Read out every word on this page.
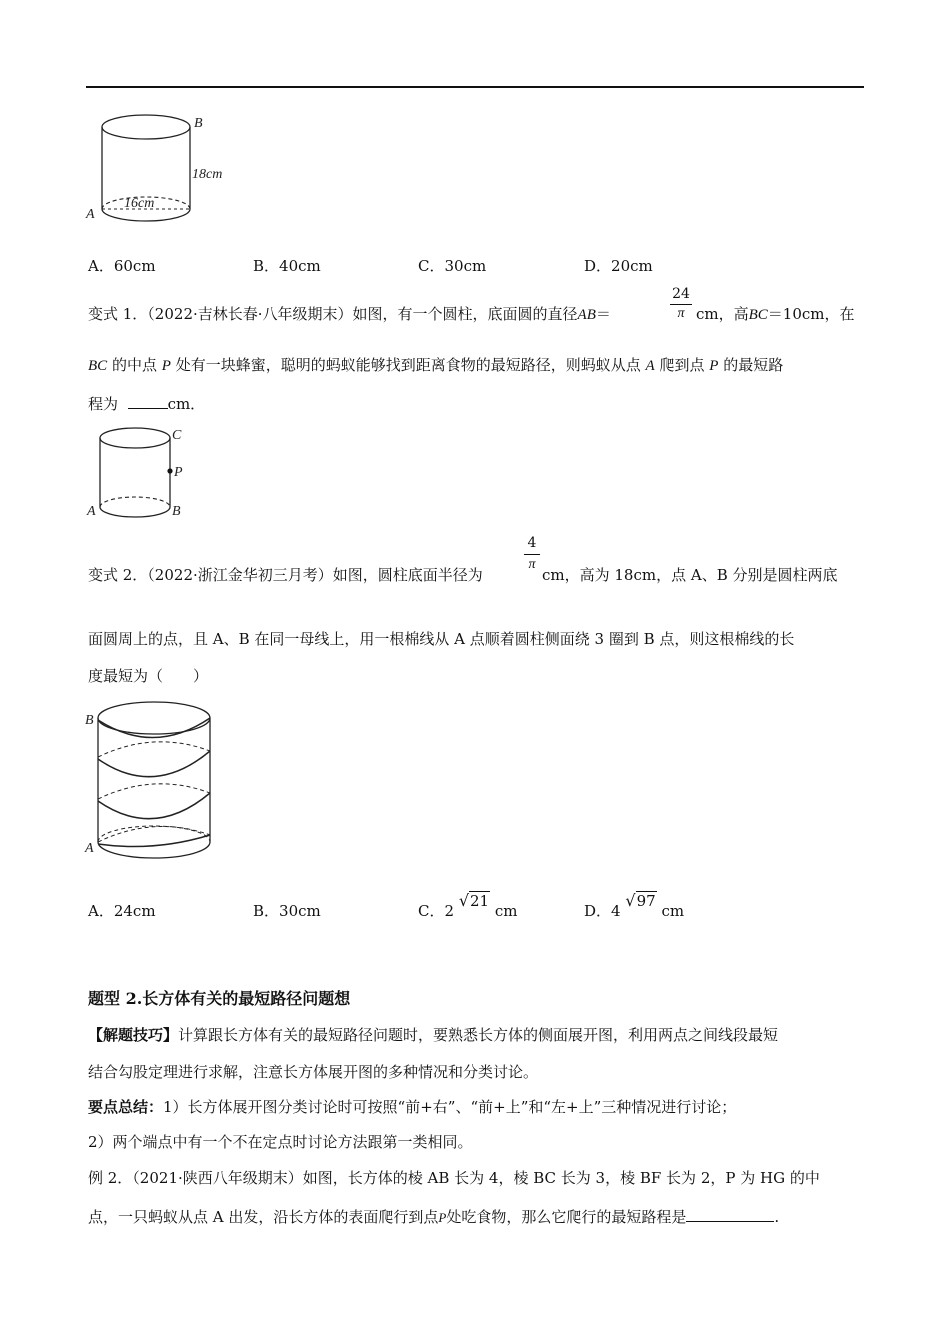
B
A
18cm
16cm
A．60cm	B．40cm	C．30cm	D．20cm
变式 1．（2022·吉林长春·八年级期末）如图，有一个圆柱，底面圆的直径AB＝	$\frac{24}{\pi}$ cm，高BC＝10cm，在
BC 的中点 P 处有一块蜂蜜，聪明的蚂蚁能够找到距离食物的最短路径，则蚂蚁从点 A 爬到点 P 的最短路
程为	cm．
C
P
A	B
$\frac{4}{\pi}$
变式 2．（2022·浙江金华初三月考）如图，圆柱底面半径为	cm，高为 18cm，点 A、B 分别是圆柱两底
面圆周上的点，且 A、B 在同一母线上，用一根棉线从 A 点顺着圆柱侧面绕 3 圈到 B 点，则这根棉线的长
度最短为（　　）
B
A
A．24cm	B．30cm	C．2 √21 cm	D．4 √97 cm
题型 2.长方体有关的最短路径问题想
【解题技巧】计算跟长方体有关的最短路径问题时，要熟悉长方体的侧面展开图，利用两点之间线段最短
结合勾股定理进行求解，注意长方体展开图的多种情况和分类讨论。
要点总结：1）长方体展开图分类讨论时可按照“前+右”、“前+上”和“左+上”三种情况进行讨论；
2）两个端点中有一个不在定点时讨论方法跟第一类相同。
例 2．（2021·陕西八年级期末）如图，长方体的棱 AB 长为 4，棱 BC 长为 3，棱 BF 长为 2，P 为 HG 的中
点，一只蚂蚁从点 A 出发，沿长方体的表面爬行到点P处吃食物，那么它爬行的最短路程是	.
